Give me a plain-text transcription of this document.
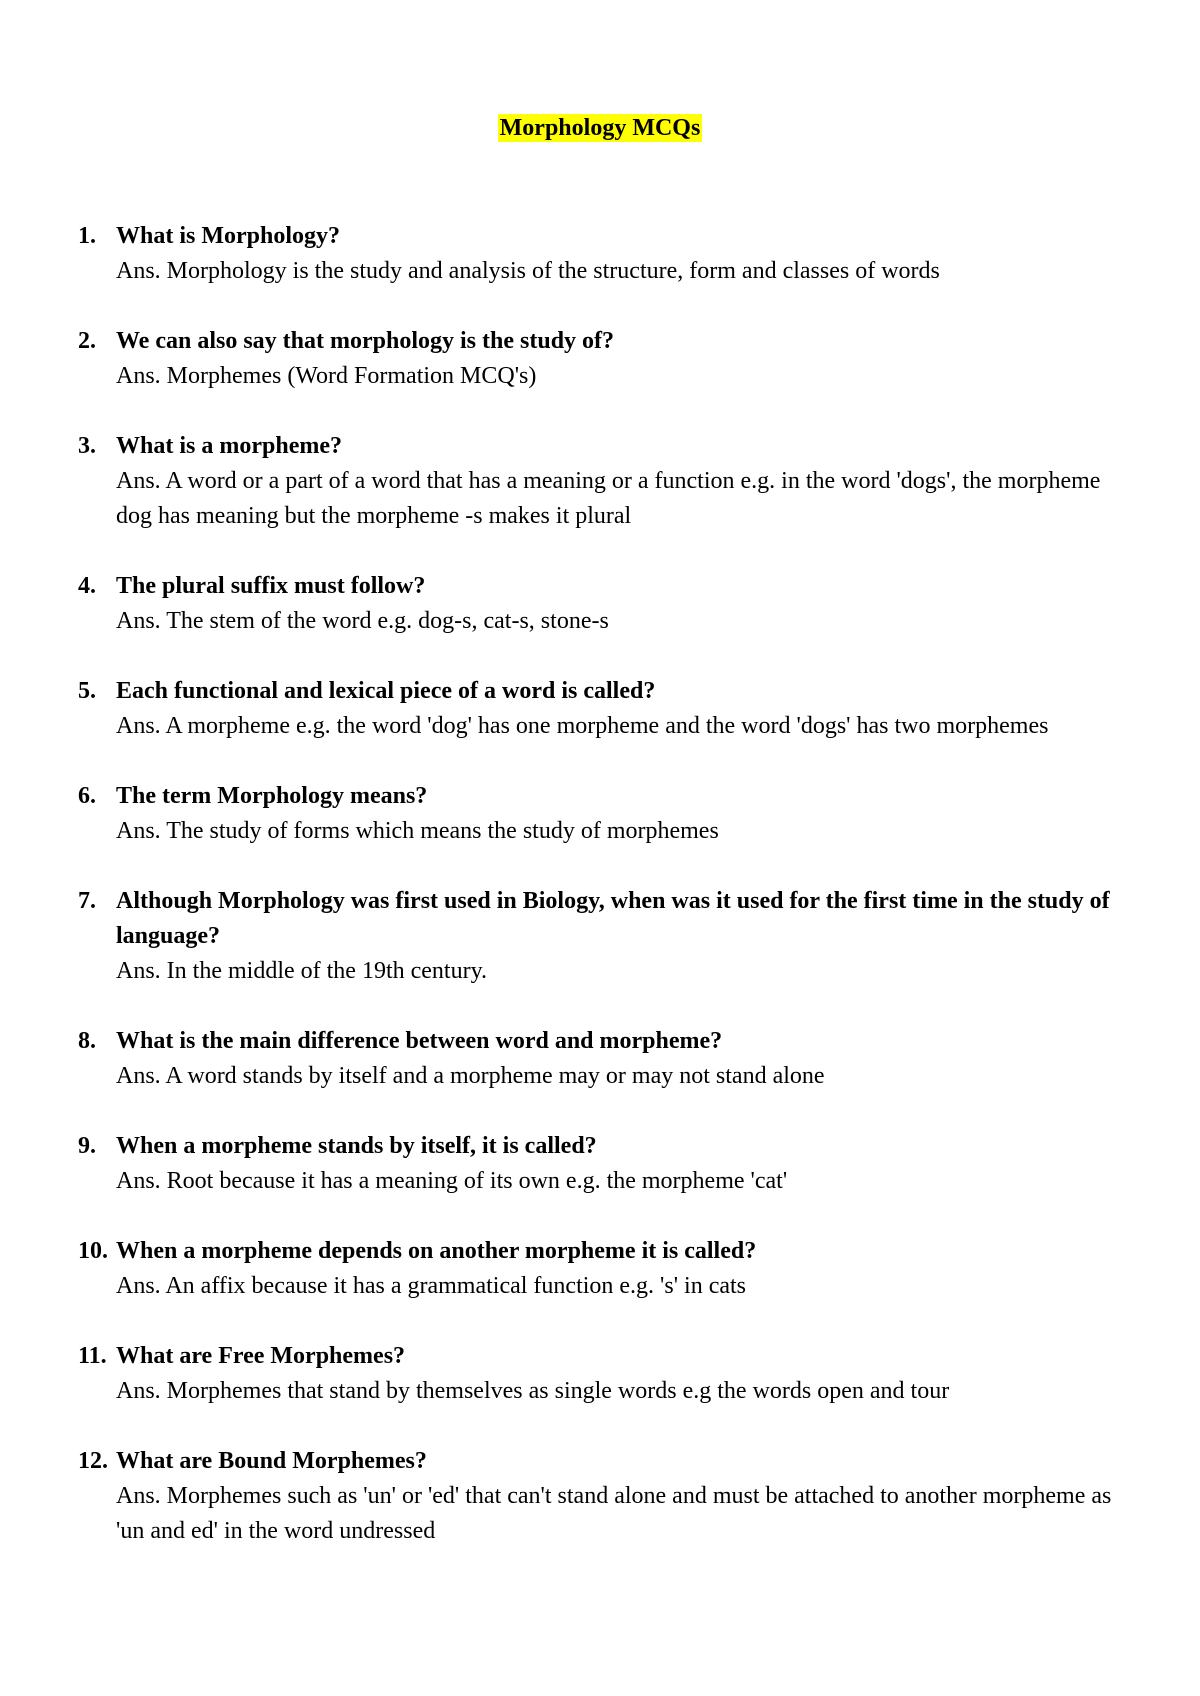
Morphology MCQs
1. What is Morphology?
Ans. Morphology is the study and analysis of the structure, form and classes of words
2. We can also say that morphology is the study of?
Ans. Morphemes (Word Formation MCQ's)
3. What is a morpheme?
Ans. A word or a part of a word that has a meaning or a function e.g. in the word 'dogs', the morpheme dog has meaning but the morpheme -s makes it plural
4. The plural suffix must follow?
Ans. The stem of the word e.g. dog-s, cat-s, stone-s
5. Each functional and lexical piece of a word is called?
Ans. A morpheme e.g. the word 'dog' has one morpheme and the word 'dogs' has two morphemes
6. The term Morphology means?
Ans. The study of forms which means the study of morphemes
7. Although Morphology was first used in Biology, when was it used for the first time in the study of language?
Ans. In the middle of the 19th century.
8. What is the main difference between word and morpheme?
Ans. A word stands by itself and a morpheme may or may not stand alone
9. When a morpheme stands by itself, it is called?
Ans. Root because it has a meaning of its own e.g. the morpheme 'cat'
10. When a morpheme depends on another morpheme it is called?
Ans. An affix because it has a grammatical function e.g. 's' in cats
11. What are Free Morphemes?
Ans. Morphemes that stand by themselves as single words e.g the words open and tour
12. What are Bound Morphemes?
Ans. Morphemes such as 'un' or 'ed' that can't stand alone and must be attached to another morpheme as 'un and ed' in the word undressed
